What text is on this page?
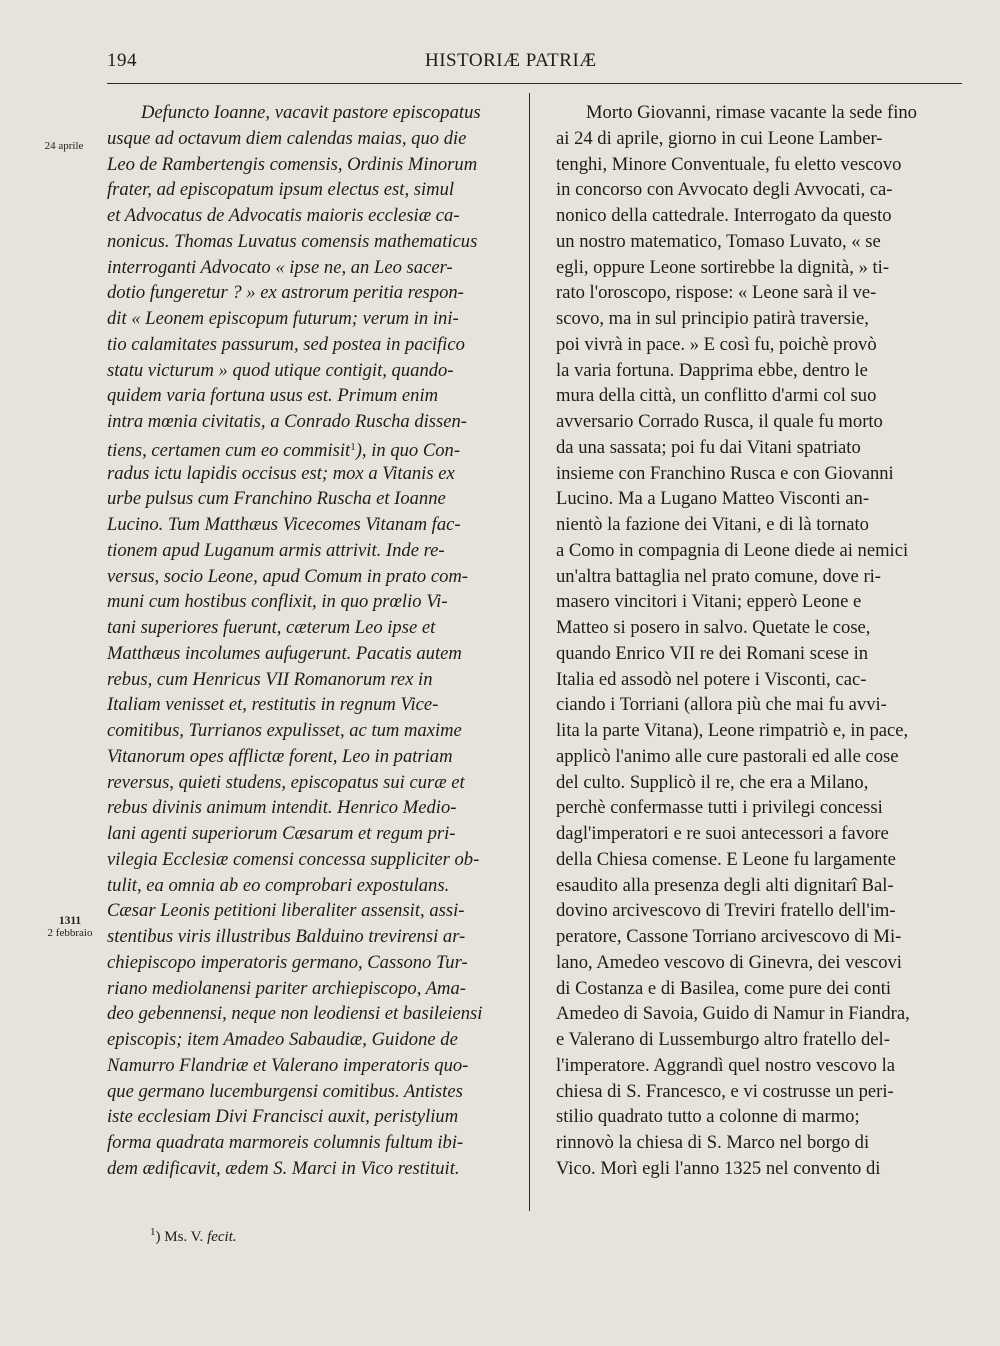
194	HISTORIÆ PATRIÆ
24 aprile
1311
2 febbraio
Defuncto Ioanne, vacavit pastore episcopatus
usque ad octavum diem calendas maias, quo die
Leo de Rambertengis comensis, Ordinis Minorum
frater, ad episcopatum ipsum electus est, simul
et Advocatus de Advocatis maioris ecclesiæ ca-
nonicus. Thomas Luvatus comensis mathematicus
interroganti Advocato « ipse ne, an Leo sacer-
dotio fungeretur ? » ex astrorum peritia respon-
dit « Leonem episcopum futurum; verum in ini-
tio calamitates passurum, sed postea in pacifico
statu victurum » quod utique contigit, quando-
quidem varia fortuna usus est. Primum enim
intra mœnia civitatis, a Conrado Ruscha dissen-
tiens, certamen cum eo commisit$^1$), in quo Con-
radus ictu lapidis occisus est; mox a Vitanis ex
urbe pulsus cum Franchino Ruscha et Ioanne
Lucino. Tum Matthæus Vicecomes Vitanam fac-
tionem apud Luganum armis attrivit. Inde re-
versus, socio Leone, apud Comum in prato com-
muni cum hostibus conflixit, in quo prœlio Vi-
tani superiores fuerunt, cæterum Leo ipse et
Matthæus incolumes aufugerunt. Pacatis autem
rebus, cum Henricus VII Romanorum rex in
Italiam venisset et, restitutis in regnum Vice-
comitibus, Turrianos expulisset, ac tum maxime
Vitanorum opes afflictæ forent, Leo in patriam
reversus, quieti studens, episcopatus sui curæ et
rebus divinis animum intendit. Henrico Medio-
lani agenti superiorum Cæsarum et regum pri-
vilegia Ecclesiæ comensi concessa suppliciter ob-
tulit, ea omnia ab eo comprobari expostulans.
Cæsar Leonis petitioni liberaliter assensit, assi-
stentibus viris illustribus Balduino trevirensi ar-
chiepiscopo imperatoris germano, Cassono Tur-
riano mediolanensi pariter archiepiscopo, Ama-
deo gebennensi, neque non leodiensi et basileiensi
episcopis; item Amadeo Sabaudiæ, Guidone de
Namurro Flandriæ et Valerano imperatoris quo-
que germano lucemburgensi comitibus. Antistes
iste ecclesiam Divi Francisci auxit, peristylium
forma quadrata marmoreis columnis fultum ibi-
dem ædificavit, ædem S. Marci in Vico restituit.
Morto Giovanni, rimase vacante la sede fino
ai 24 di aprile, giorno in cui Leone Lamber-
tenghi, Minore Conventuale, fu eletto vescovo
in concorso con Avvocato degli Avvocati, ca-
nonico della cattedrale. Interrogato da questo
un nostro matematico, Tomaso Luvato, « se
egli, oppure Leone sortirebbe la dignità, » ti-
rato l'oroscopo, rispose: « Leone sarà il ve-
scovo, ma in sul principio patirà traversie,
poi vivrà in pace. » E così fu, poichè provò
la varia fortuna. Dapprima ebbe, dentro le
mura della città, un conflitto d'armi col suo
avversario Corrado Rusca, il quale fu morto
da una sassata; poi fu dai Vitani spatriato
insieme con Franchino Rusca e con Giovanni
Lucino. Ma a Lugano Matteo Visconti an-
nientò la fazione dei Vitani, e di là tornato
a Como in compagnia di Leone diede ai nemici
un'altra battaglia nel prato comune, dove ri-
masero vincitori i Vitani; epperò Leone e
Matteo si posero in salvo. Quetate le cose,
quando Enrico VII re dei Romani scese in
Italia ed assodò nel potere i Visconti, cac-
ciando i Torriani (allora più che mai fu avvi-
lita la parte Vitana), Leone rimpatriò e, in pace,
applicò l'animo alle cure pastorali ed alle cose
del culto. Supplicò il re, che era a Milano,
perchè confermasse tutti i privilegi concessi
dagl'imperatori e re suoi antecessori a favore
della Chiesa comense. E Leone fu largamente
esaudito alla presenza degli alti dignitarî Bal-
dovino arcivescovo di Treviri fratello dell'im-
peratore, Cassone Torriano arcivescovo di Mi-
lano, Amedeo vescovo di Ginevra, dei vescovi
di Costanza e di Basilea, come pure dei conti
Amedeo di Savoia, Guido di Namur in Fiandra,
e Valerano di Lussemburgo altro fratello del-
l'imperatore. Aggrandì quel nostro vescovo la
chiesa di S. Francesco, e vi costrusse un peri-
stilio quadrato tutto a colonne di marmo;
rinnovò la chiesa di S. Marco nel borgo di
Vico. Morì egli l'anno 1325 nel convento di
$^1$) Ms. V. fecit.
